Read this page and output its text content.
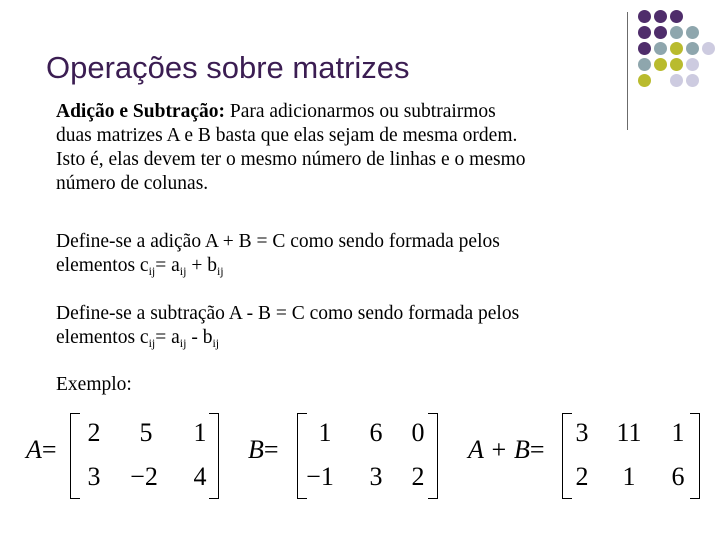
Operações sobre matrizes
Adição e Subtração: Para adicionarmos ou subtrairmos
duas matrizes A e B basta que elas sejam de mesma ordem.
Isto é, elas devem ter o mesmo número de linhas e o mesmo
número de colunas.
Define-se a adição A + B = C como sendo formada pelos
elementos $c_{ij}= a_{ij} + b_{ij}$
Define-se a subtração A - B = C como sendo formada pelos
elementos $c_{ij}= a_{ij} - b_{ij}$
Exemplo:
A=
2	5	1
3	−2	4
B=
1	6	0
−1	3	2
A + B=
3	11	1
2	1	6
